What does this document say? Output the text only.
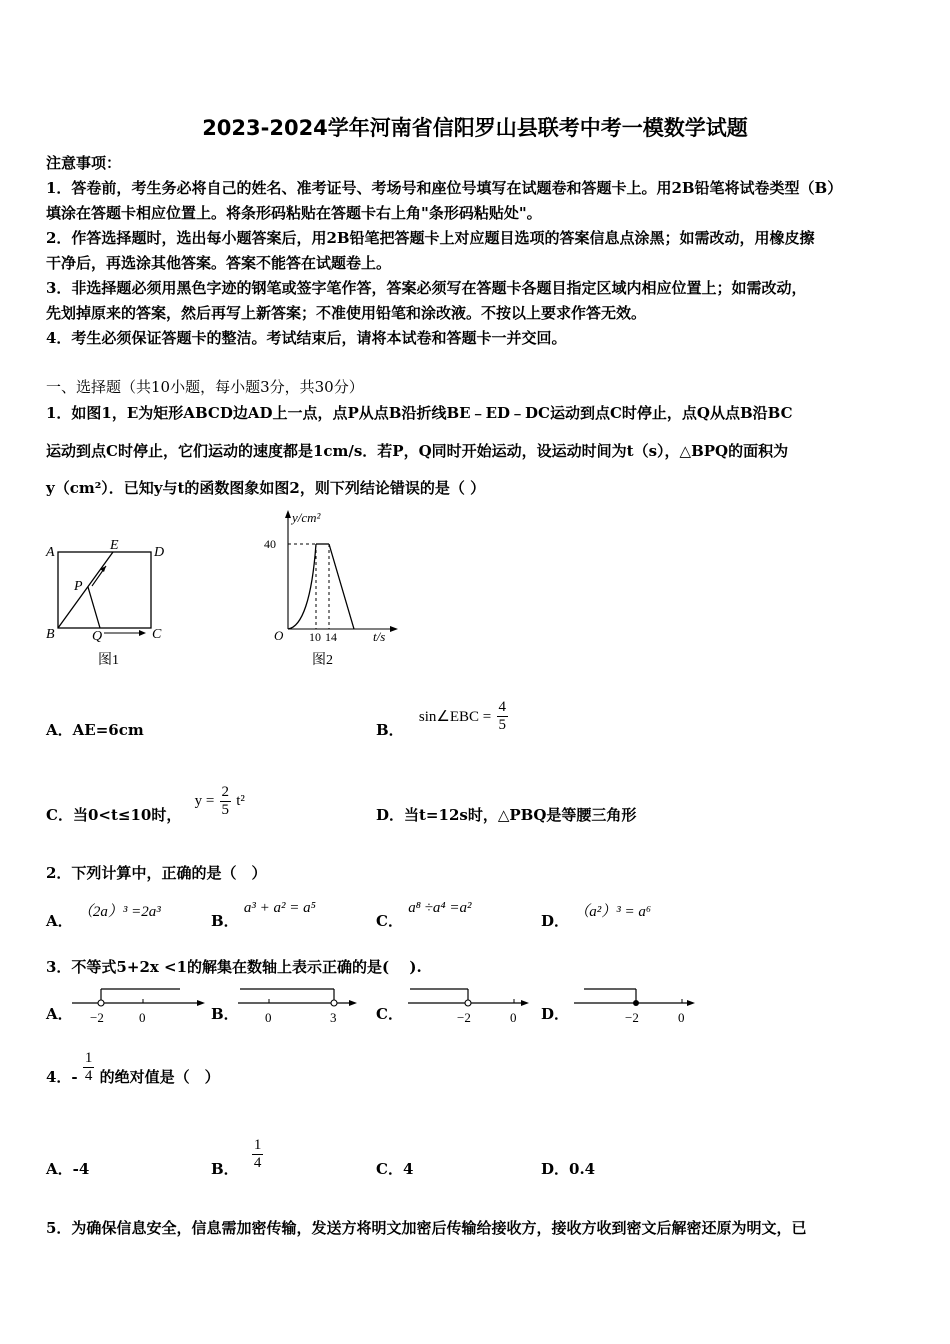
2023-2024学年河南省信阳罗山县联考中考一模数学试题
注意事项：
1．答卷前，考生务必将自己的姓名、准考证号、考场号和座位号填写在试题卷和答题卡上。用2B铅笔将试卷类型（B）
填涂在答题卡相应位置上。将条形码粘贴在答题卡右上角"条形码粘贴处"。
2．作答选择题时，选出每小题答案后，用2B铅笔把答题卡上对应题目选项的答案信息点涂黑；如需改动，用橡皮擦
干净后，再选涂其他答案。答案不能答在试题卷上。
3．非选择题必须用黑色字迹的钢笔或签字笔作答，答案必须写在答题卡各题目指定区域内相应位置上；如需改动，
先划掉原来的答案，然后再写上新答案；不准使用铅笔和涂改液。不按以上要求作答无效。
4．考生必须保证答题卡的整洁。考试结束后，请将本试卷和答题卡一并交回。
一、选择题（共10小题，每小题3分，共30分）
1．如图1，E为矩形ABCD边AD上一点，点P从点B沿折线BE﹣ED﹣DC运动到点C时停止，点Q从点B沿BC
运动到点C时停止，它们运动的速度都是1cm/s．若P，Q同时开始运动，设运动时间为t（s），△BPQ的面积为
y（cm²）．已知y与t的函数图象如图2，则下列结论错误的是（ ）
A	E	D
P
B	Q	C
图1
y/cm²
40
O 10 14	t/s
图2
A．AE=6cm	B． sin∠EBC = $\frac{4}{5}$
C．当0<t≤10时， $y = \frac{2}{5} t^2$
D．当t=12s时，△PBQ是等腰三角形
2．下列计算中，正确的是（　）
A． （2a）³ =2a³	B． a³ + a² = a⁵
C． a⁸ ÷a⁴ =a²
D． （a²）³ = a⁶
3．不等式5+2x <1的解集在数轴上表示正确的是(　 ).
A． −2	0	B． 0	3	C．	−2	0 D．	−2	0
4．- $\frac{1}{4}$ 的绝对值是（　）
A．-4	B． $\frac{1}{4}$	C．4	D．0.4
5．为确保信息安全，信息需加密传输，发送方将明文加密后传输给接收方，接收方收到密文后解密还原为明文，已
